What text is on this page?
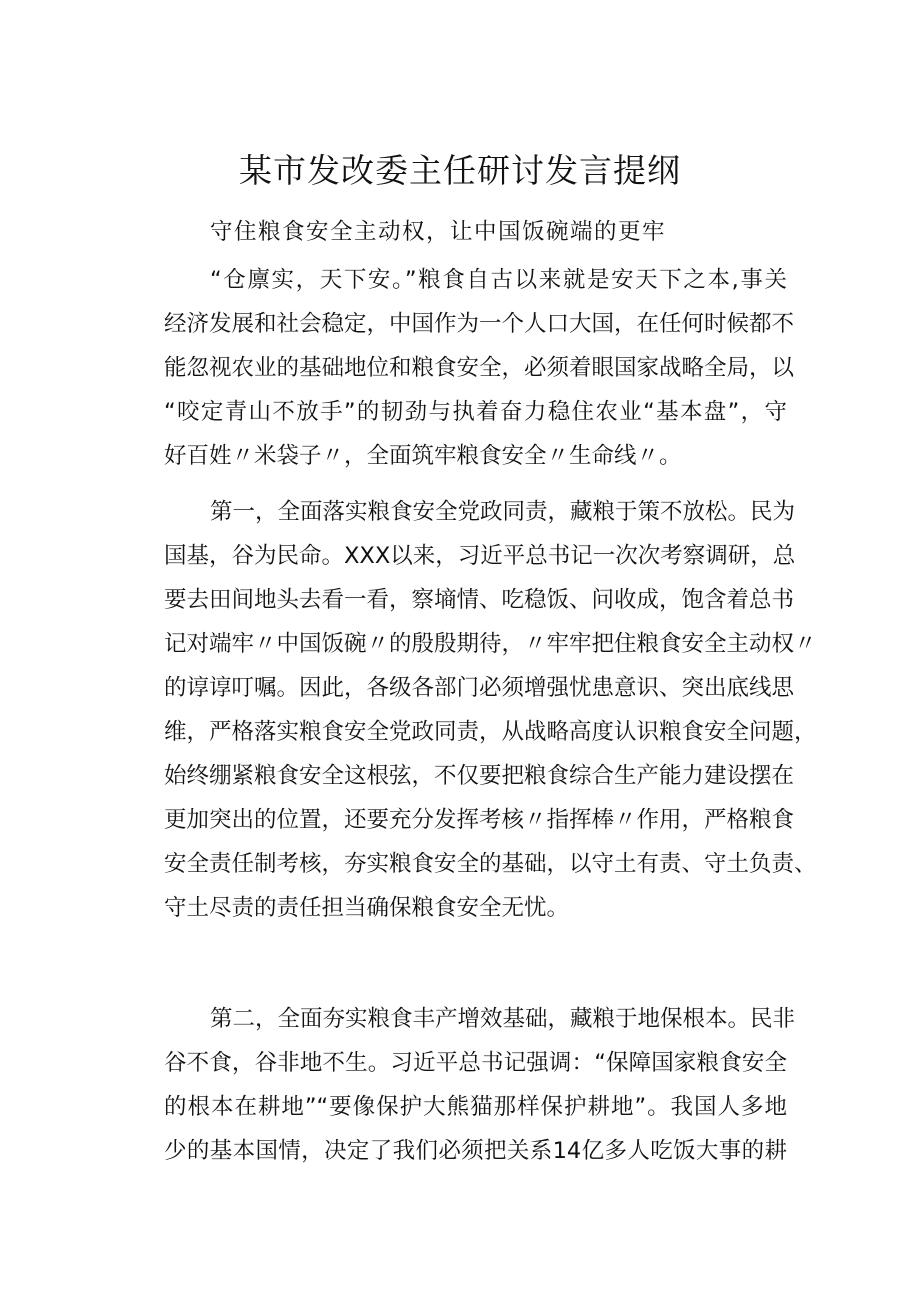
某市发改委主任研讨发言提纲
守住粮食安全主动权，让中国饭碗端的更牢
“仓廪实，天下安。”粮食自古以来就是安天下之本,事关
经济发展和社会稳定，中国作为一个人口大国，在任何时候都不
能忽视农业的基础地位和粮食安全，必须着眼国家战略全局，以
“咬定青山不放手”的韧劲与执着奋力稳住农业“基本盘”，守
好百姓〃米袋子〃，全面筑牢粮食安全〃生命线〃。
第一，全面落实粮食安全党政同责，藏粮于策不放松。民为
国基，谷为民命。XXX以来，习近平总书记一次次考察调研，总
要去田间地头去看一看，察墒情、吃稳饭、问收成，饱含着总书
记对端牢〃中国饭碗〃的殷殷期待，〃牢牢把住粮食安全主动权〃
的谆谆叮嘱。因此，各级各部门必须增强忧患意识、突出底线思
维，严格落实粮食安全党政同责，从战略高度认识粮食安全问题，
始终绷紧粮食安全这根弦，不仅要把粮食综合生产能力建设摆在
更加突出的位置，还要充分发挥考核〃指挥棒〃作用，严格粮食
安全责任制考核，夯实粮食安全的基础，以守土有责、守土负责、
守土尽责的责任担当确保粮食安全无忧。
第二，全面夯实粮食丰产增效基础，藏粮于地保根本。民非
谷不食，谷非地不生。习近平总书记强调：“保障国家粮食安全
的根本在耕地”“要像保护大熊猫那样保护耕地”。我国人多地
少的基本国情，决定了我们必须把关系14亿多人吃饭大事的耕
